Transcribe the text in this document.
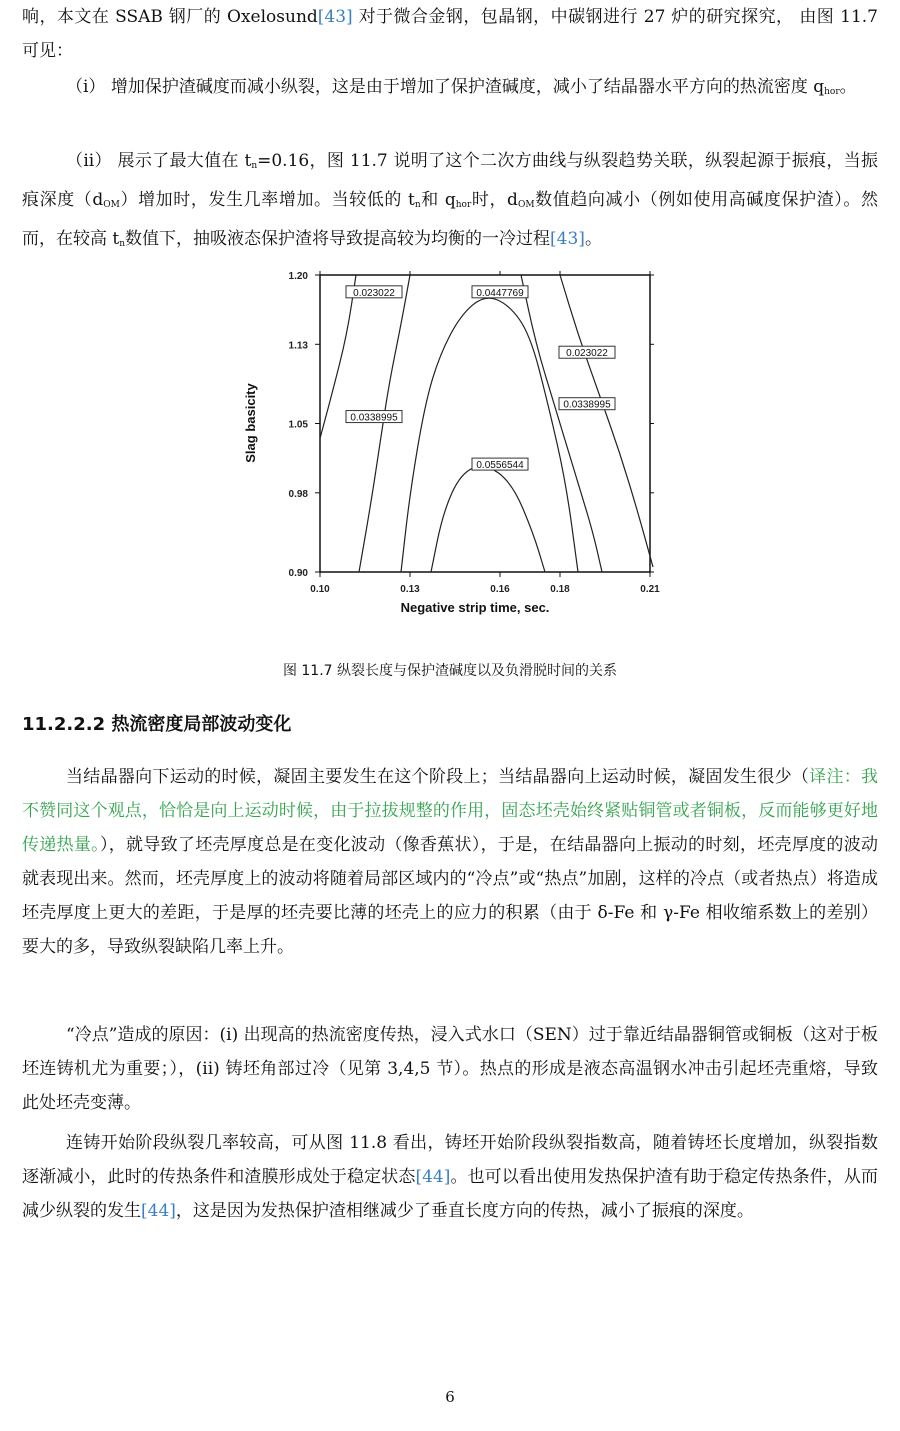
响，本文在 SSAB 钢厂的 Oxelosund[43] 对于微合金钢，包晶钢，中碳钢进行 27 炉的研究探究， 由图 11.7 可见：
（i） 增加保护渣碱度而减小纵裂，这是由于增加了保护渣碱度，减小了结晶器水平方向的热流密度 $q_{hor}$。
（ii） 展示了最大值在 $t_n=0.16$，图 11.7 说明了这个二次方曲线与纵裂趋势关联，纵裂起源于振痕，当振痕深度$(d_{OM})$增加时，发生几率增加。当较低的 $t_n$和 $q_{hor}$时，$d_{OM}$数值趋向减小（例如使用高碱度保护渣）。然而，在较高 $t_n$数值下，抽吸液态保护渣将导致提高较为均衡的一冷过程[43]。
0.10	0.13	0.16	0.18	0.21
1.20
1.13
1.05
0.98
0.90
0.023022	0.0447769
0.023022
0.0338995
0.0338995
0.0556544
Negative strip time, sec.
Slag basicity
图 11.7 纵裂长度与保护渣碱度以及负滑脱时间的关系
11.2.2.2 热流密度局部波动变化
当结晶器向下运动的时候，凝固主要发生在这个阶段上；当结晶器向上运动时候，凝固发生很少（译注：我不赞同这个观点，恰恰是向上运动时候，由于拉拔规整的作用，固态坯壳始终紧贴铜管或者铜板，反而能够更好地传递热量。），就导致了坯壳厚度总是在变化波动（像香蕉状），于是，在结晶器向上振动的时刻，坯壳厚度的波动就表现出来。然而，坯壳厚度上的波动将随着局部区域内的“冷点”或“热点”加剧，这样的冷点（或者热点）将造成坯壳厚度上更大的差距，于是厚的坯壳要比薄的坯壳上的应力的积累（由于 δ-Fe 和 γ-Fe 相收缩系数上的差别）要大的多，导致纵裂缺陷几率上升。
“冷点”造成的原因：(i) 出现高的热流密度传热，浸入式水口（SEN）过于靠近结晶器铜管或铜板（这对于板坯连铸机尤为重要；），(ii) 铸坯角部过冷（见第 3,4,5 节）。热点的形成是液态高温钢水冲击引起坯壳重熔，导致此处坯壳变薄。
连铸开始阶段纵裂几率较高，可从图 11.8 看出，铸坯开始阶段纵裂指数高，随着铸坯长度增加，纵裂指数逐渐减小，此时的传热条件和渣膜形成处于稳定状态[44]。也可以看出使用发热保护渣有助于稳定传热条件，从而减少纵裂的发生[44]，这是因为发热保护渣相继减少了垂直长度方向的传热，减小了振痕的深度。
6
